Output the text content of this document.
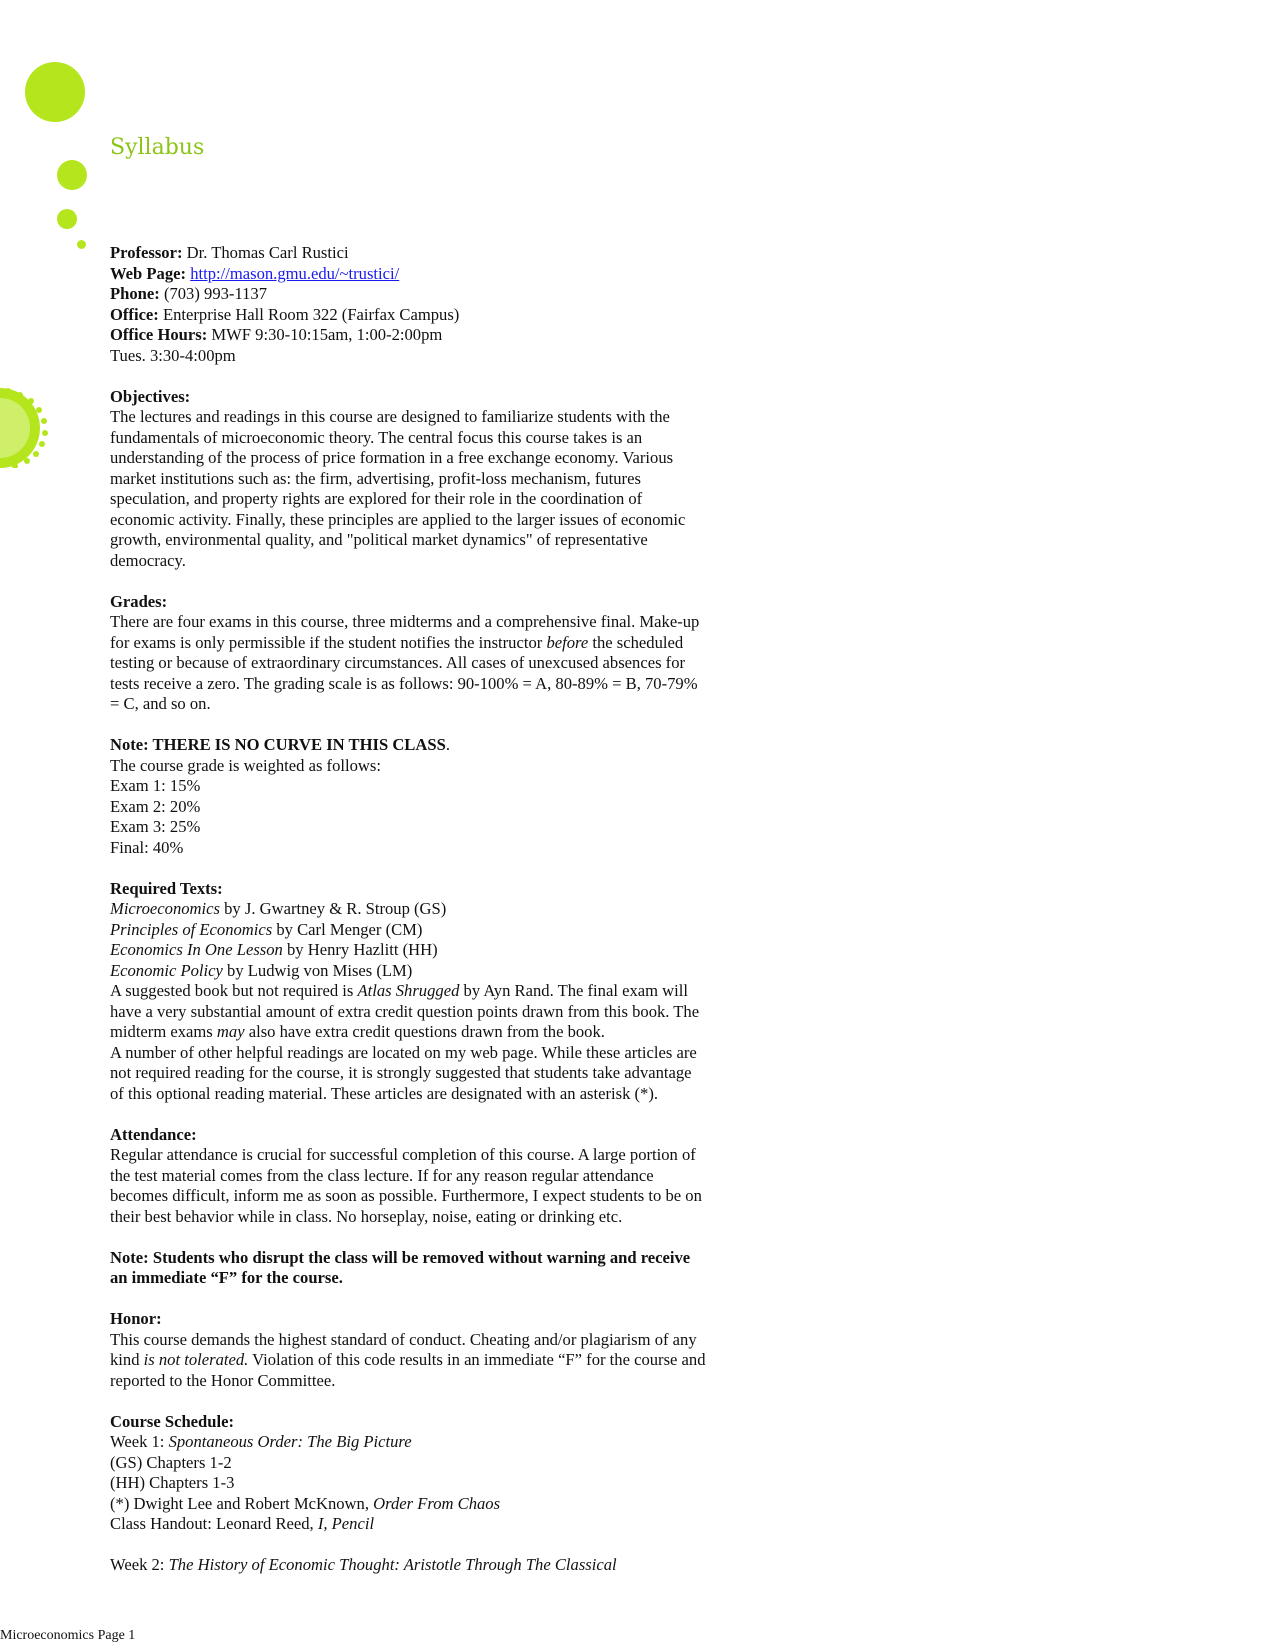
Syllabus
Professor: Dr. Thomas Carl Rustici
Web Page: http://mason.gmu.edu/~trustici/
Phone: (703) 993-1137
Office: Enterprise Hall Room 322 (Fairfax Campus)
Office Hours: MWF 9:30-10:15am, 1:00-2:00pm
Tues. 3:30-4:00pm
Objectives:
The lectures and readings in this course are designed to familiarize students with the
fundamentals of microeconomic theory. The central focus this course takes is an
understanding of the process of price formation in a free exchange economy. Various
market institutions such as: the firm, advertising, profit-loss mechanism, futures
speculation, and property rights are explored for their role in the coordination of
economic activity. Finally, these principles are applied to the larger issues of economic
growth, environmental quality, and "political market dynamics" of representative
democracy.
Grades:
There are four exams in this course, three midterms and a comprehensive final. Make-up
for exams is only permissible if the student notifies the instructor before the scheduled
testing or because of extraordinary circumstances. All cases of unexcused absences for
tests receive a zero. The grading scale is as follows: 90-100% = A, 80-89% = B, 70-79%
= C, and so on.
Note: THERE IS NO CURVE IN THIS CLASS.
The course grade is weighted as follows:
Exam 1: 15%
Exam 2: 20%
Exam 3: 25%
Final: 40%
Required Texts:
Microeconomics by J. Gwartney & R. Stroup (GS)
Principles of Economics by Carl Menger (CM)
Economics In One Lesson by Henry Hazlitt (HH)
Economic Policy by Ludwig von Mises (LM)
A suggested book but not required is Atlas Shrugged by Ayn Rand. The final exam will
have a very substantial amount of extra credit question points drawn from this book. The
midterm exams may also have extra credit questions drawn from the book.
A number of other helpful readings are located on my web page. While these articles are
not required reading for the course, it is strongly suggested that students take advantage
of this optional reading material. These articles are designated with an asterisk (*).
Attendance:
Regular attendance is crucial for successful completion of this course. A large portion of
the test material comes from the class lecture. If for any reason regular attendance
becomes difficult, inform me as soon as possible. Furthermore, I expect students to be on
their best behavior while in class. No horseplay, noise, eating or drinking etc.
Note: Students who disrupt the class will be removed without warning and receive
an immediate “F” for the course.
Honor:
This course demands the highest standard of conduct. Cheating and/or plagiarism of any
kind is not tolerated. Violation of this code results in an immediate “F” for the course and
reported to the Honor Committee.
Course Schedule:
Week 1: Spontaneous Order: The Big Picture
(GS) Chapters 1-2
(HH) Chapters 1-3
(*) Dwight Lee and Robert McKnown, Order From Chaos
Class Handout: Leonard Reed, I, Pencil
Week 2: The History of Economic Thought: Aristotle Through The Classical
Microeconomics Page 1
